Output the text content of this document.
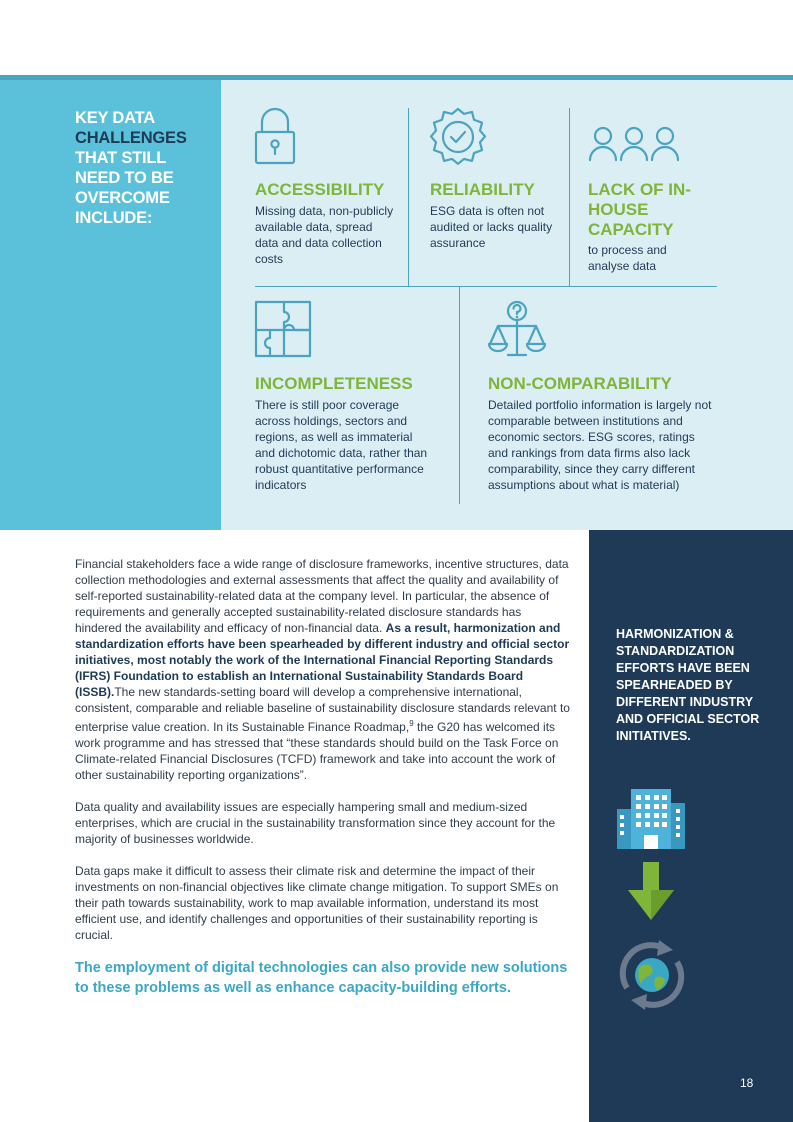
KEY DATA
CHALLENGES
THAT STILL
NEED TO BE
OVERCOME
INCLUDE:
ACCESSIBILITY

Missing data, non-publicly available data, spread data and data collection costs

RELIABILITY

ESG data is often not audited or lacks quality assurance

LACK OF IN-HOUSE CAPACITY

to process and analyse data

INCOMPLETENESS

There is still poor coverage across holdings, sectors and regions, as well as immaterial and dichotomic data, rather than robust quantitative performance indicators

NON-COMPARABILITY

Detailed portfolio information is largely not comparable between institutions and economic sectors. ESG scores, ratings and rankings from data firms also lack comparability, since they carry different assumptions about what is material)

Financial stakeholders face a wide range of disclosure frameworks, incentive structures, data collection methodologies and external assessments that affect the quality and availability of self-reported sustainability-related data at the company level. In particular, the absence of requirements and generally accepted sustainability-related disclosure standards has hindered the availability and efficacy of non-financial data. As a result, harmonization and standardization efforts have been spearheaded by different industry and official sector initiatives, most notably the work of the International Financial Reporting Standards (IFRS) Foundation to establish an International Sustainability Standards Board (ISSB).The new standards-setting board will develop a comprehensive international, consistent, comparable and reliable baseline of sustainability disclosure standards relevant to enterprise value creation. In its Sustainable Finance Roadmap,$^9$ the G20 has welcomed its work programme and has stressed that “these standards should build on the Task Force on Climate-related Financial Disclosures (TCFD) framework and take into account the work of other sustainability reporting organizations”.

Data quality and availability issues are especially hampering small and medium-sized enterprises, which are crucial in the sustainability transformation since they account for the majority of businesses worldwide.

Data gaps make it difficult to assess their climate risk and determine the impact of their investments on non-financial objectives like climate change mitigation. To support SMEs on their path towards sustainability, work to map available information, understand its most efficient use, and identify challenges and opportunities of their sustainability reporting is crucial.

The employment of digital technologies can also provide new solutions to these problems as well as enhance capacity-building efforts.

HARMONIZATION & STANDARDIZATION EFFORTS HAVE BEEN SPEARHEADED BY DIFFERENT INDUSTRY AND OFFICIAL SECTOR INITIATIVES.
18
